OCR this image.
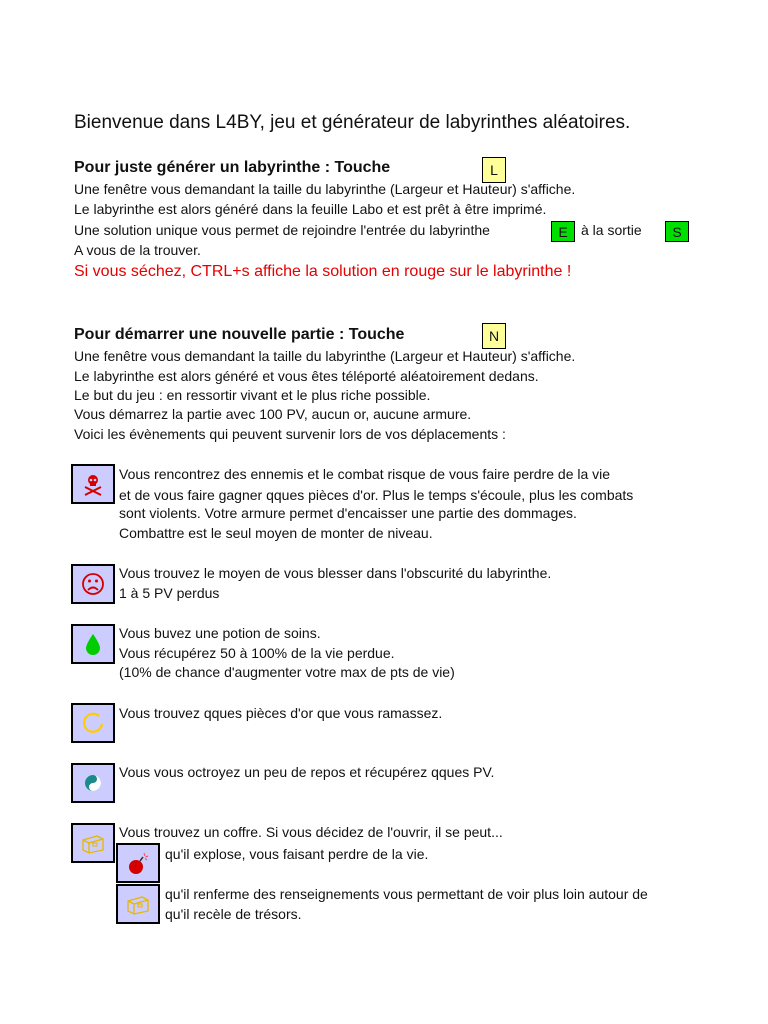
Bienvenue dans L4BY, jeu et générateur de labyrinthes aléatoires.
Pour juste générer un labyrinthe : Touche	L
Une fenêtre vous demandant la taille du labyrinthe (Largeur et Hauteur) s'affiche.
Le labyrinthe est alors généré dans la feuille Labo et est prêt à être imprimé.
Une solution unique vous permet de rejoindre l'entrée du labyrinthe	E à la sortie	S
A vous de la trouver.
Si vous séchez, CTRL+s affiche la solution en rouge sur le labyrinthe !
Pour démarrer une nouvelle partie : Touche	N
Une fenêtre vous demandant la taille du labyrinthe (Largeur et Hauteur) s'affiche.
Le labyrinthe est alors généré et vous êtes téléporté aléatoirement dedans.
Le but du jeu : en ressortir vivant et le plus riche possible.
Vous démarrez la partie avec 100 PV, aucun or, aucune armure.
Voici les évènements qui peuvent survenir lors de vos déplacements :
Vous rencontrez des ennemis et le combat risque de vous faire perdre de la vie
et de vous faire gagner qques pièces d'or. Plus le temps s'écoule, plus les combats
sont violents. Votre armure permet d'encaisser une partie des dommages.
Combattre est le seul moyen de monter de niveau.
Vous trouvez le moyen de vous blesser dans l'obscurité du labyrinthe.
1 à 5 PV perdus
Vous buvez une potion de soins.
Vous récupérez 50 à 100% de la vie perdue.
(10% de chance d'augmenter votre max de pts de vie)
Vous trouvez qques pièces d'or que vous ramassez.
Vous vous octroyez un peu de repos et récupérez qques PV.
Vous trouvez un coffre. Si vous décidez de l'ouvrir, il se peut...
qu'il explose, vous faisant perdre de la vie.
qu'il renferme des renseignements vous permettant de voir plus loin autour de
qu'il recèle de trésors.
